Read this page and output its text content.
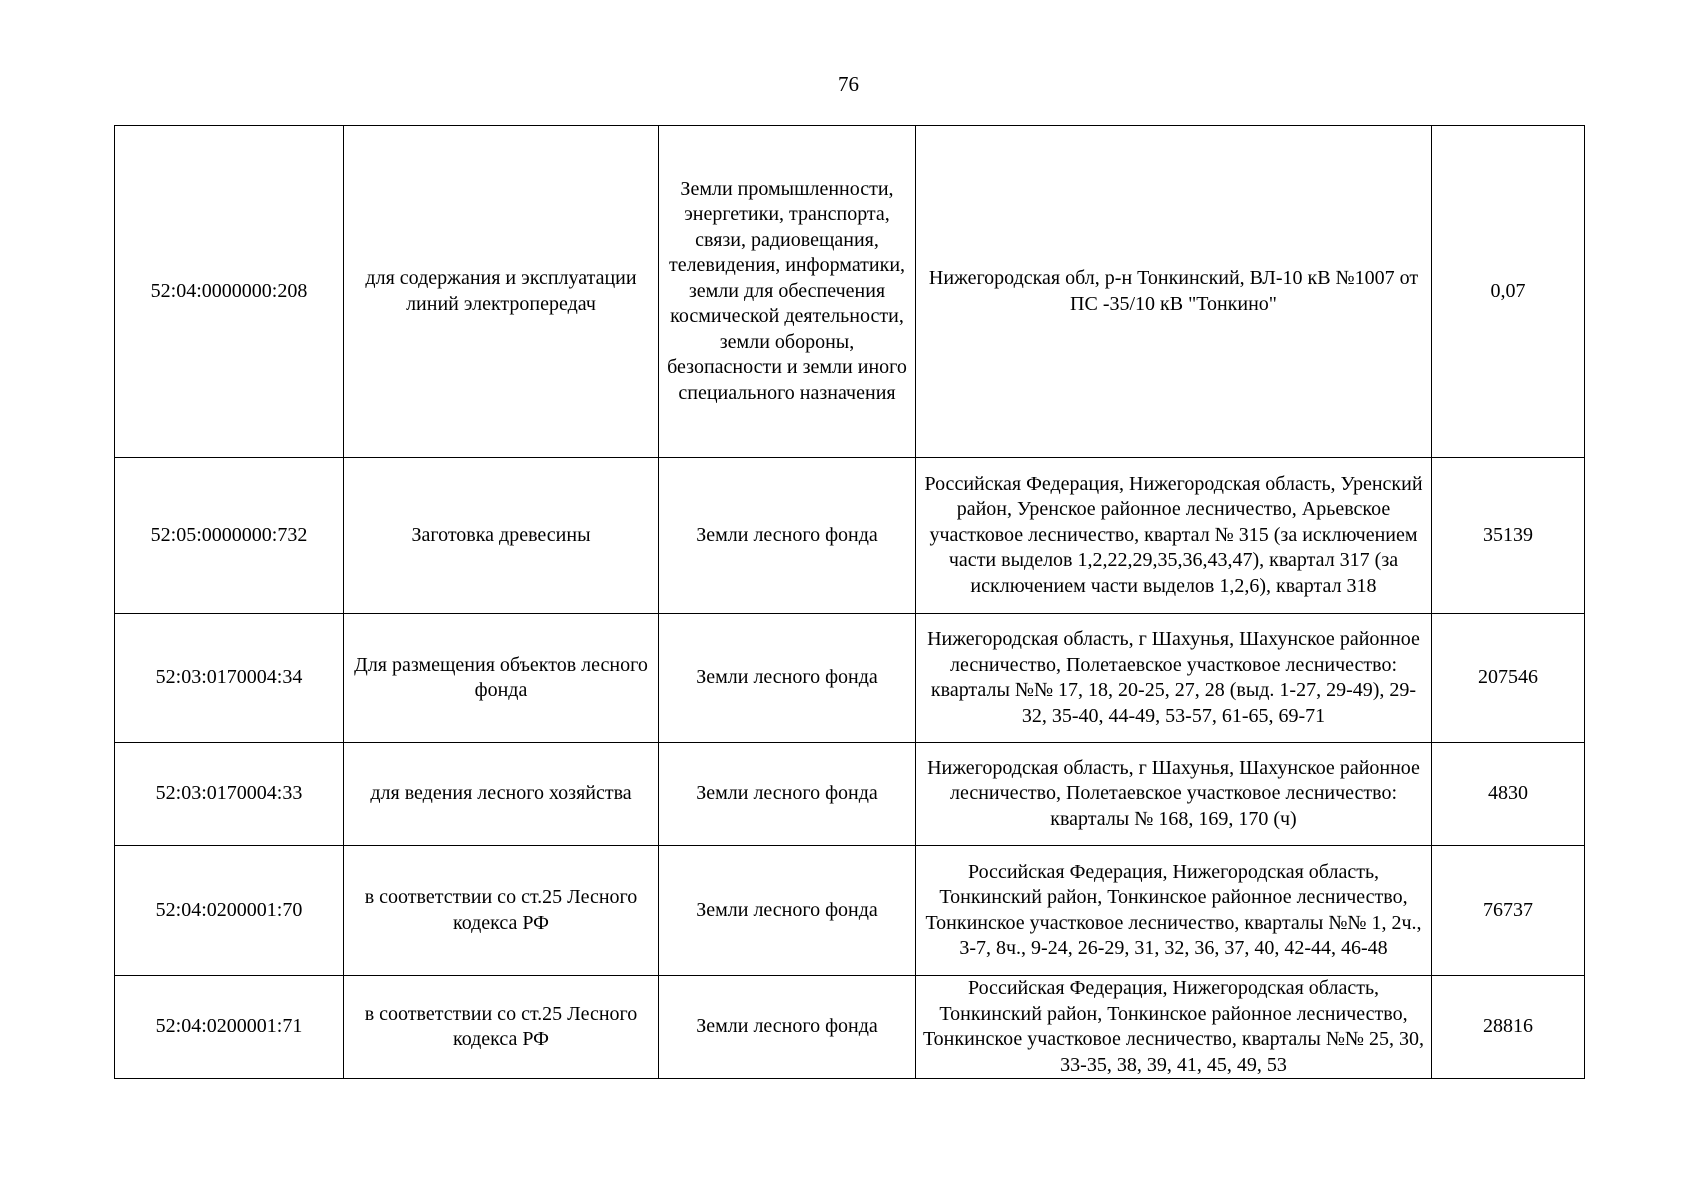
76
52:04:0000000:208	для содержания и эксплуатации линий электропередач	Земли промышленности, энергетики, транспорта, связи, радиовещания, телевидения, информатики, земли для обеспечения космической деятельности, земли обороны, безопасности и земли иного специального назначения	Нижегородская обл, р-н Тонкинский, ВЛ-10 кВ №1007 от ПС -35/10 кВ "Тонкино"	0,07
52:05:0000000:732	Заготовка древесины	Земли лесного фонда	Российская Федерация, Нижегородская область, Уренский район, Уренское районное лесничество, Арьевское участковое лесничество, квартал № 315 (за исключением части выделов 1,2,22,29,35,36,43,47), квартал 317 (за исключением части выделов 1,2,6), квартал 318	35139
52:03:0170004:34	Для размещения объектов лесного фонда	Земли лесного фонда	Нижегородская область, г Шахунья, Шахунское районное лесничество, Полетаевское участковое лесничество: кварталы №№ 17, 18, 20-25, 27, 28 (выд. 1-27, 29-49), 29-32, 35-40, 44-49, 53-57, 61-65, 69-71	207546
52:03:0170004:33	для ведения лесного хозяйства	Земли лесного фонда	Нижегородская область, г Шахунья, Шахунское районное лесничество, Полетаевское участковое лесничество: кварталы № 168, 169, 170 (ч)	4830
52:04:0200001:70	в соответствии со ст.25 Лесного кодекса РФ	Земли лесного фонда	Российская Федерация, Нижегородская область, Тонкинский район, Тонкинское районное лесничество, Тонкинское участковое лесничество, кварталы №№ 1, 2ч., 3-7, 8ч., 9-24, 26-29, 31, 32, 36, 37, 40, 42-44, 46-48	76737
52:04:0200001:71	в соответствии со ст.25 Лесного кодекса РФ	Земли лесного фонда	Российская Федерация, Нижегородская область, Тонкинский район, Тонкинское районное лесничество, Тонкинское участковое лесничество, кварталы №№ 25, 30, 33-35, 38, 39, 41, 45, 49, 53	28816
